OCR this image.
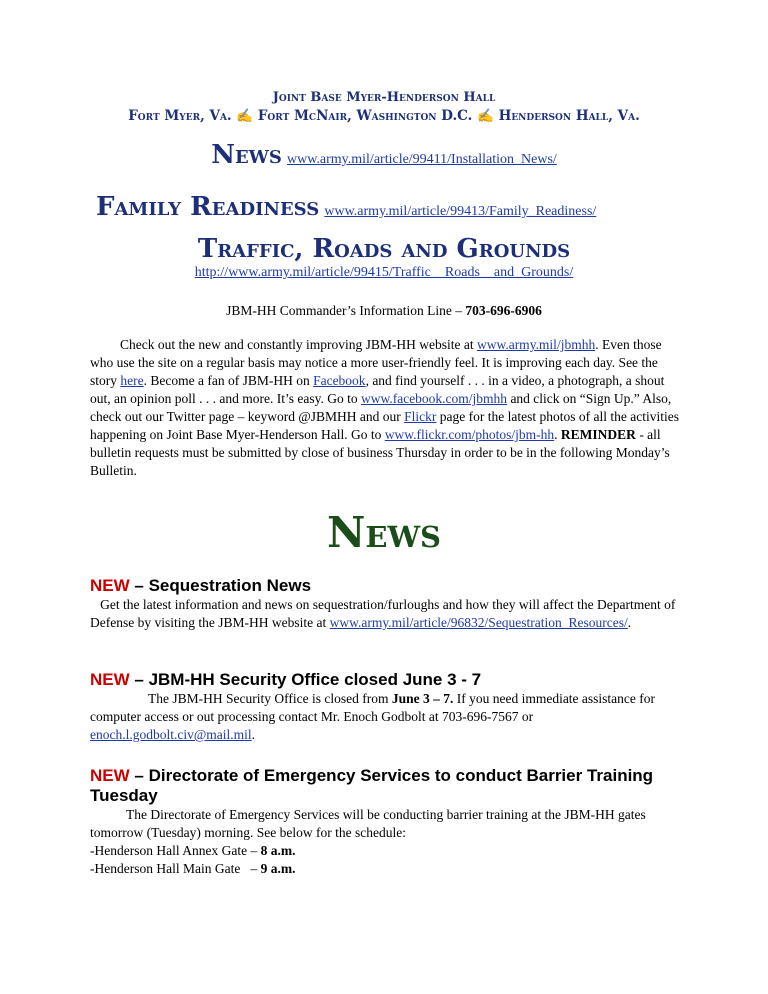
Joint Base Myer-Henderson Hall
Fort Myer, Va. ✍ Fort McNair, Washington D.C. ✍ Henderson Hall, Va.
News www.army.mil/article/99411/Installation_News/
Family Readiness www.army.mil/article/99413/Family_Readiness/
Traffic, Roads and Grounds
http://www.army.mil/article/99415/Traffic__Roads__and_Grounds/
JBM-HH Commander’s Information Line – 703-696-6906
Check out the new and constantly improving JBM-HH website at www.army.mil/jbmhh. Even those who use the site on a regular basis may notice a more user-friendly feel. It is improving each day. See the story here. Become a fan of JBM-HH on Facebook, and find yourself . . . in a video, a photograph, a shout out, an opinion poll . . . and more. It’s easy. Go to www.facebook.com/jbmhh and click on “Sign Up.” Also, check out our Twitter page – keyword @JBMHH and our Flickr page for the latest photos of all the activities happening on Joint Base Myer-Henderson Hall. Go to www.flickr.com/photos/jbm-hh. REMINDER - all bulletin requests must be submitted by close of business Thursday in order to be in the following Monday’s Bulletin.
News
NEW – Sequestration News
Get the latest information and news on sequestration/furloughs and how they will affect the Department of Defense by visiting the JBM-HH website at www.army.mil/article/96832/Sequestration_Resources/.
NEW – JBM-HH Security Office closed June 3 - 7
The JBM-HH Security Office is closed from June 3 – 7. If you need immediate assistance for computer access or out processing contact Mr. Enoch Godbolt at 703-696-7567 or enoch.l.godbolt.civ@mail.mil.
NEW – Directorate of Emergency Services to conduct Barrier Training Tuesday
The Directorate of Emergency Services will be conducting barrier training at the JBM-HH gates tomorrow (Tuesday) morning. See below for the schedule:
-Henderson Hall Annex Gate – 8 a.m.
-Henderson Hall Main Gate   – 9 a.m.
